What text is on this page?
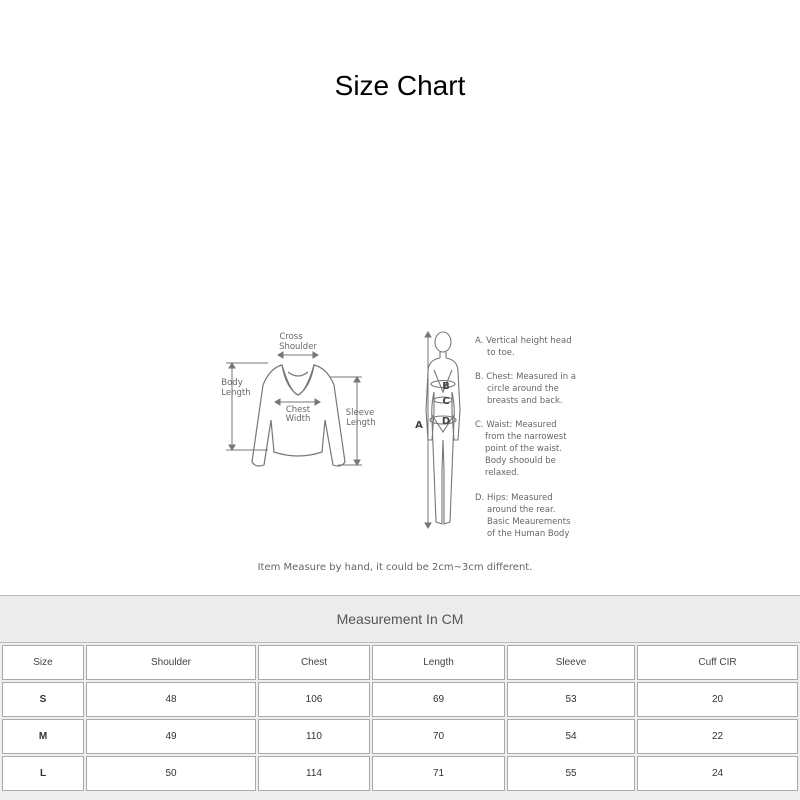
Size Chart
Cross
Shoulder
Body
Length
Chest
Width
Sleeve
Length	A
B
C
D
A. Vertical height head
to toe.
B. Chest: Measured in a
circle around the
breasts and back.
C. Waist: Measured
from the narrowest
point of the waist.
Body shoould be
relaxed.
D. Hips: Measured
around the rear.
Basic Meaurements
of the Human Body
Item Measure by hand, it could be 2cm~3cm different.
Measurement In CM
Size	Shoulder	Chest	Length	Sleeve	Cuff CIR
S	48	106	69	53	20
M	49	110	70	54	22
L	50	114	71	55	24
